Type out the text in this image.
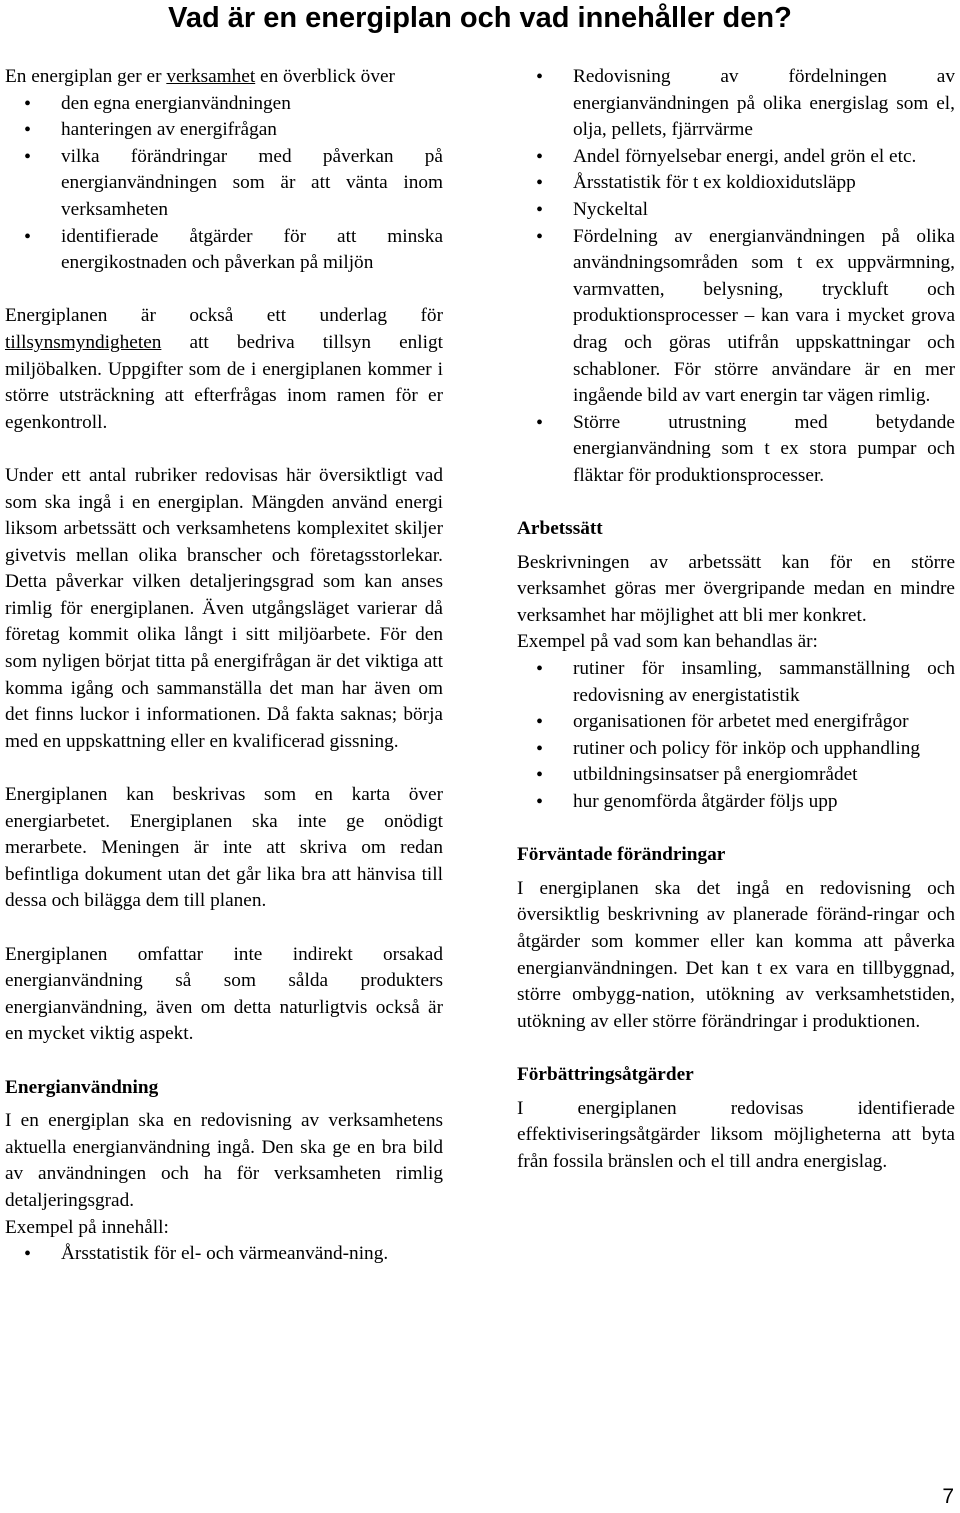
Vad är en energiplan och vad innehåller den?

En energiplan ger er verksamhet en överblick över

• den egna energianvändningen
• hanteringen av energifrågan
• vilka förändringar med påverkan på energianvändningen som är att vänta inom verksamheten
• identifierade åtgärder för att minska energikostnaden och påverkan på miljön

Energiplanen är också ett underlag för tillsynsmyndigheten att bedriva tillsyn enligt miljöbalken. Uppgifter som de i energiplanen kommer i större utsträckning att efterfrågas inom ramen för er egenkontroll.

Under ett antal rubriker redovisas här översiktligt vad som ska ingå i en energiplan. Mängden använd energi liksom arbetssätt och verksamhetens komplexitet skiljer givetvis mellan olika branscher och företagsstorlekar. Detta påverkar vilken detaljeringsgrad som kan anses rimlig för energiplanen. Även utgångsläget varierar då företag kommit olika långt i sitt miljöarbete. För den som nyligen börjat titta på energifrågan är det viktiga att komma igång och sammanställa det man har även om det finns luckor i informationen. Då fakta saknas; börja med en uppskattning eller en kvalificerad gissning.

Energiplanen kan beskrivas som en karta över energiarbetet. Energiplanen ska inte ge onödigt merarbete. Meningen är inte att skriva om redan befintliga dokument utan det går lika bra att hänvisa till dessa och bilägga dem till planen.

Energiplanen omfattar inte indirekt orsakad energianvändning så som sålda produkters energianvändning, även om detta naturligtvis också är en mycket viktig aspekt.

Energianvändning

I en energiplan ska en redovisning av verksamhetens aktuella energianvändning ingå. Den ska ge en bra bild av användningen och ha för verksamheten rimlig detaljeringsgrad.

Exempel på innehåll:

• Årsstatistik för el- och värmeanvänd-ning.
• Redovisning av fördelningen av energianvändningen på olika energislag som el, olja, pellets, fjärrvärme
• Andel förnyelsebar energi, andel grön el etc.
• Årsstatistik för t ex koldioxidutsläpp
• Nyckeltal
• Fördelning av energianvändningen på olika användningsområden som t ex uppvärmning, varmvatten, belysning, tryckluft och produktionsprocesser – kan vara i mycket grova drag och göras utifrån uppskattningar och schabloner. För större användare är en mer ingående bild av vart energin tar vägen rimlig.
• Större utrustning med betydande energianvändning som t ex stora pumpar och fläktar för produktionsprocesser.
Arbetssätt

Beskrivningen av arbetssätt kan för en större verksamhet göras mer övergripande medan en mindre verksamhet har möjlighet att bli mer konkret.

Exempel på vad som kan behandlas är:

• rutiner för insamling, sammanställning och redovisning av energistatistik
• organisationen för arbetet med energifrågor
• rutiner och policy för inköp och upphandling
• utbildningsinsatser på energiområdet
• hur genomförda åtgärder följs upp
Förväntade förändringar

I energiplanen ska det ingå en redovisning och översiktlig beskrivning av planerade föränd-ringar och åtgärder som kommer eller kan komma att påverka energianvändningen. Det kan t ex vara en tillbyggnad, större ombygg-nation, utökning av verksamhetstiden, utökning av eller större förändringar i produktionen.

Förbättringsåtgärder

I energiplanen redovisas identifierade effektiviseringsåtgärder liksom möjligheterna att byta från fossila bränslen och el till andra energislag.

7
